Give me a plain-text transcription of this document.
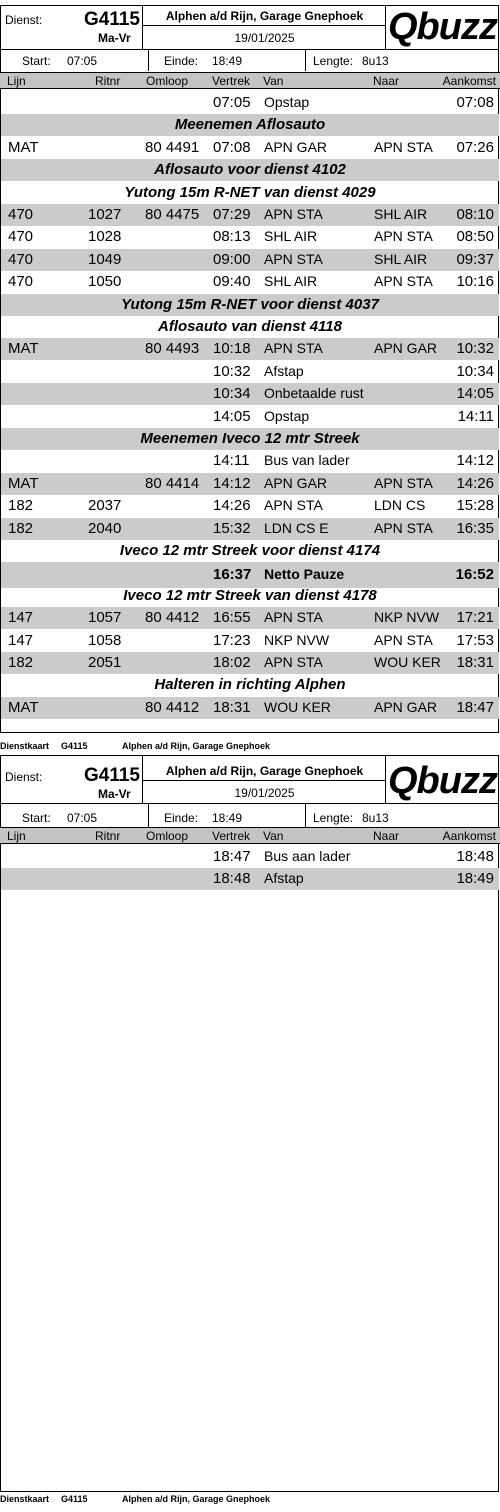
Dienst: G4115
Ma-Vr
Alphen a/d Rijn, Garage Gnephoek
19/01/2025	Qbuzz
Start: 07:05	Einde: 18:49	Lengte: 8u13
Lijn	Ritnr Omloop Vertrek Van	Naar	Aankomst
07:05 Opstap	07:08
Meenemen Aflosauto
MAT	80 4491 07:08 APN GAR	APN STA 07:26
Aflosauto voor dienst 4102
Yutong 15m R-NET van dienst 4029
470	1027 80 4475 07:29 APN STA	SHL AIR 08:10
470	1028	08:13 SHL AIR	APN STA 08:50
470	1049	09:00 APN STA	SHL AIR 09:37
470	1050	09:40 SHL AIR	APN STA 10:16
Yutong 15m R-NET voor dienst 4037
Aflosauto van dienst 4118
MAT	80 4493 10:18 APN STA	APN GAR 10:32
10:32 Afstap	10:34
10:34 Onbetaalde rust	14:05
14:05 Opstap	14:11
Meenemen Iveco 12 mtr Streek
14:11 Bus van lader	14:12
MAT	80 4414 14:12 APN GAR	APN STA 14:26
182	2037	14:26 APN STA	LDN CS 15:28
182	2040	15:32 LDN CS E	APN STA 16:35
Iveco 12 mtr Streek voor dienst 4174
16:37 Netto Pauze	16:52
Iveco 12 mtr Streek van dienst 4178
147	1057 80 4412 16:55 APN STA	NKP NVW 17:21
147	1058	17:23 NKP NVW	APN STA 17:53
182	2051	18:02 APN STA	WOU KER 18:31
Halteren in richting Alphen
MAT	80 4412 18:31 WOU KER	APN GAR 18:47
Dienstkaart G4115	Alphen a/d Rijn, Garage Gnephoek
Dienst: G4115
Ma-Vr
Alphen a/d Rijn, Garage Gnephoek
19/01/2025	Qbuzz
Start: 07:05	Einde: 18:49	Lengte: 8u13
Lijn	Ritnr Omloop Vertrek Van	Naar	Aankomst
18:47 Bus aan lader	18:48
18:48 Afstap	18:49
Dienstkaart G4115	Alphen a/d Rijn, Garage Gnephoek
